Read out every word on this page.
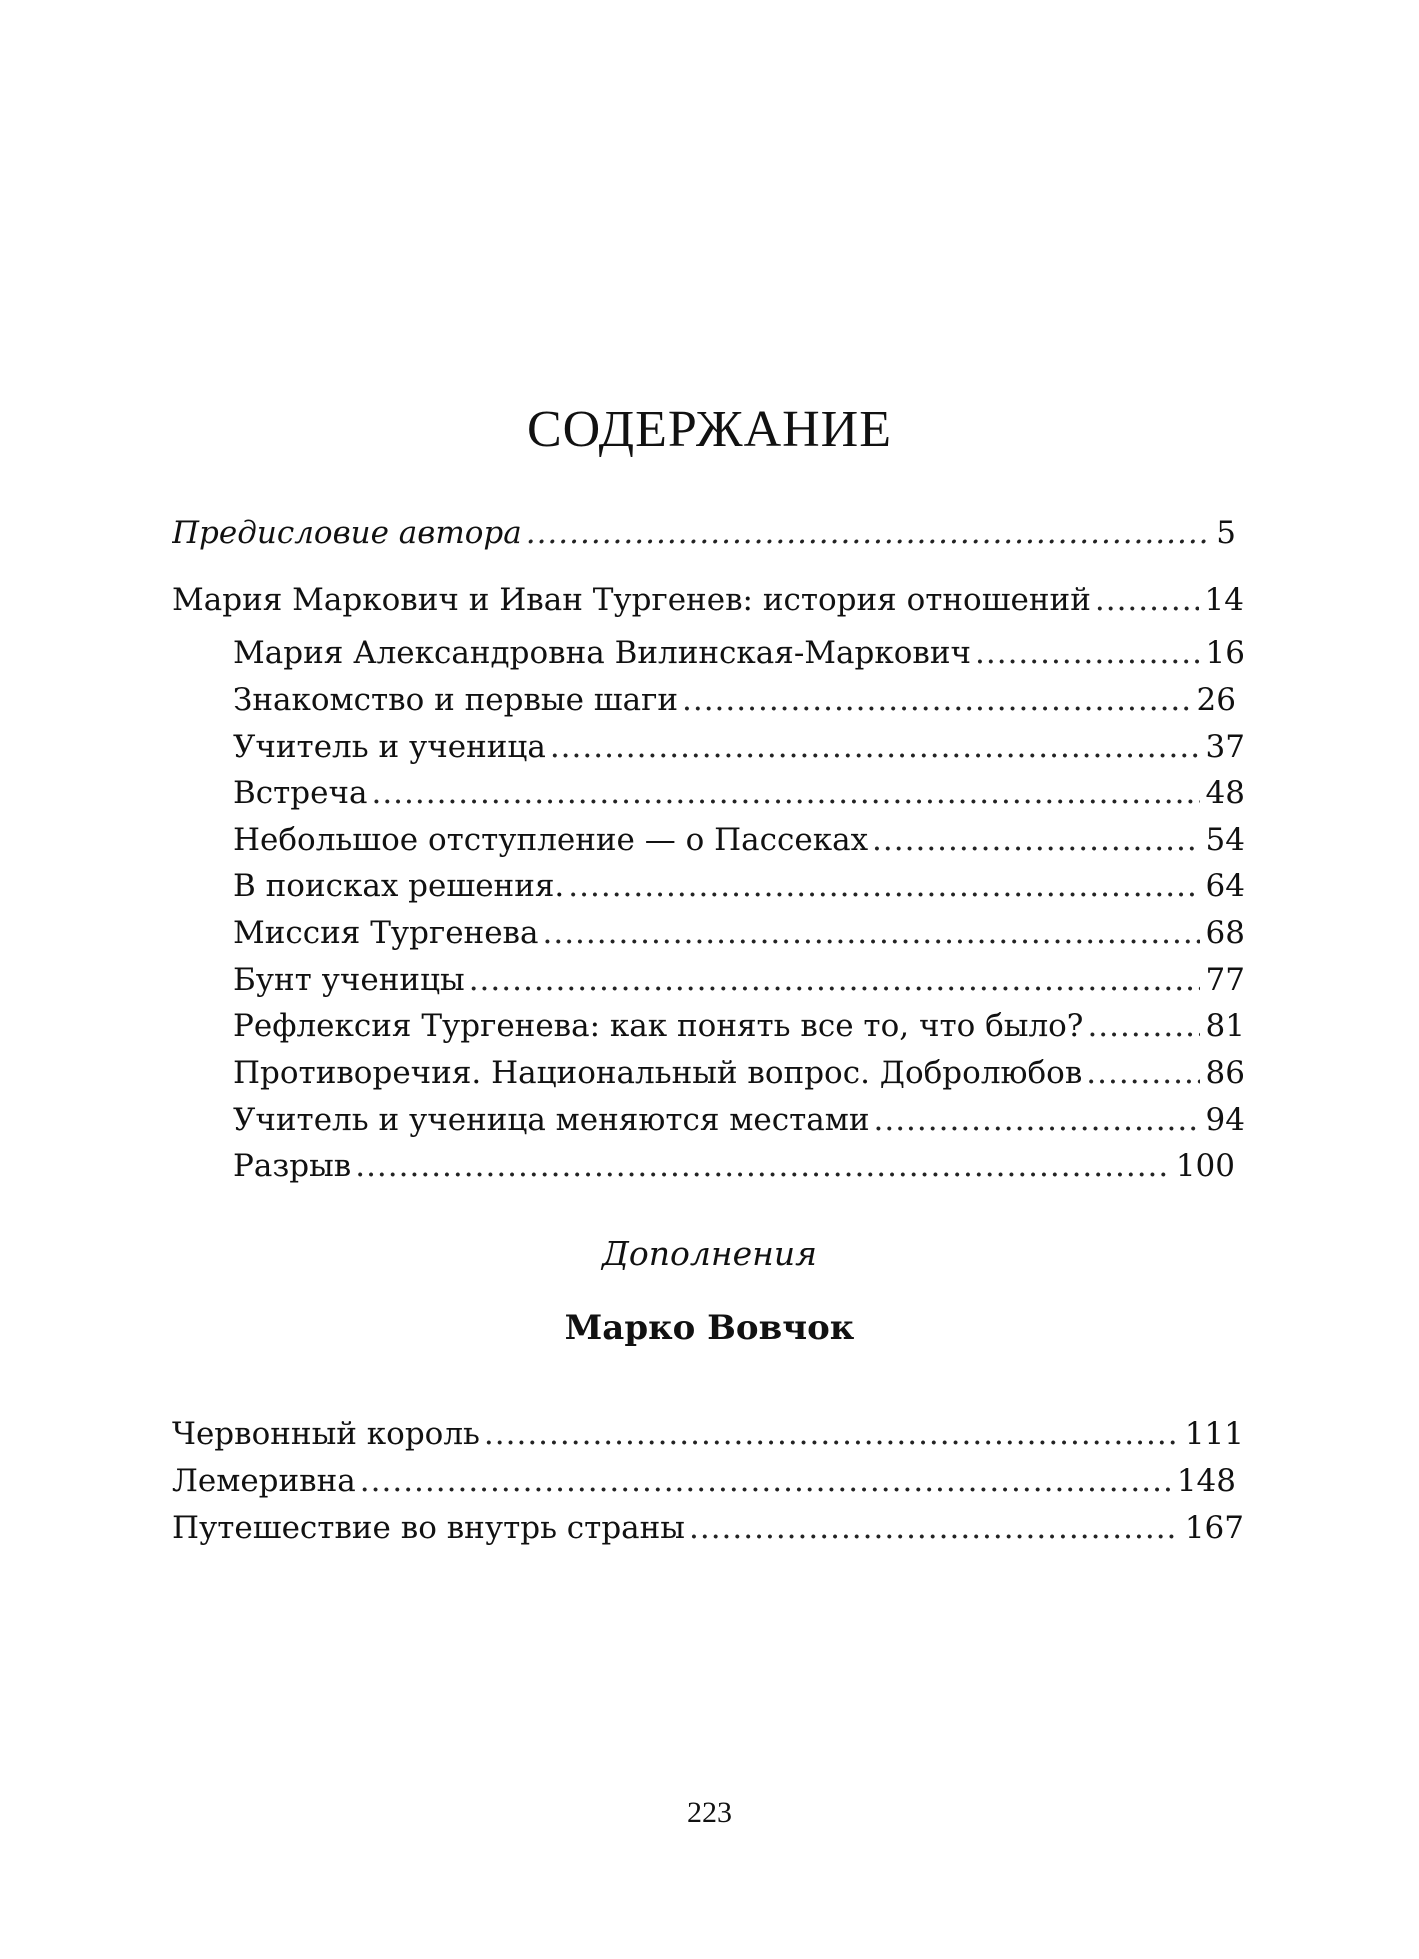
СОДЕРЖАНИЕ
Предисловие автора .....	5
Мария Маркович и Иван Тургенев: история отношений .....	14
Мария Александровна Вилинская-Маркович .....	16
Знакомство и первые шаги .....	26
Учитель и ученица .....	37
Встреча .....	48
Небольшое отступление — о Пассеках .....	54
В поисках решения. .....	64
Миссия Тургенева .....	68
Бунт ученицы .....	77
Рефлексия Тургенева: как понять все то, что было? .....	81
Противоречия. Национальный вопрос. Добролюбов .....	86
Учитель и ученица меняются местами .....	94
Разрыв .....	100
Дополнения
Марко Вовчок
Червонный король .....	111
Лемеривна .....	148
Путешествие во внутрь страны .....	167
223
